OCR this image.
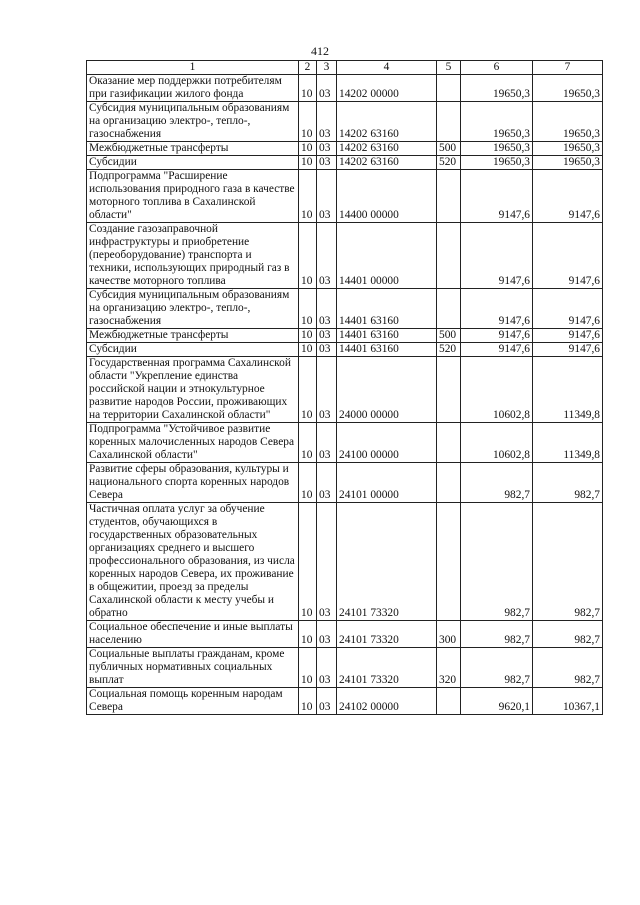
412
1	2	3	4	5	6	7
Оказание мер поддержки потребителям при газификации жилого фонда	10	03	14202 00000		19650,3	19650,3
Субсидия муниципальным образованиям на организацию электро-, тепло-, газоснабжения	10	03	14202 63160		19650,3	19650,3
Межбюджетные трансферты	10	03	14202 63160	500	19650,3	19650,3
Субсидии	10	03	14202 63160	520	19650,3	19650,3
Подпрограмма "Расширение использования природного газа в качестве моторного топлива в Сахалинской области"	10	03	14400 00000		9147,6	9147,6
Создание газозаправочной инфраструктуры и приобретение (переоборудование) транспорта и техники, использующих природный газ в качестве моторного топлива	10	03	14401 00000		9147,6	9147,6
Субсидия муниципальным образованиям на организацию электро-, тепло-, газоснабжения	10	03	14401 63160		9147,6	9147,6
Межбюджетные трансферты	10	03	14401 63160	500	9147,6	9147,6
Субсидии	10	03	14401 63160	520	9147,6	9147,6
Государственная программа Сахалинской области "Укрепление единства российской нации и этнокультурное развитие народов России, проживающих на территории Сахалинской области"	10	03	24000 00000		10602,8	11349,8
Подпрограмма "Устойчивое развитие коренных малочисленных народов Севера Сахалинской области"	10	03	24100 00000		10602,8	11349,8
Развитие сферы образования, культуры и национального спорта коренных народов Севера	10	03	24101 00000		982,7	982,7
Частичная оплата услуг за обучение студентов, обучающихся в государственных образовательных организациях среднего и высшего профессионального образования, из числа коренных народов Севера, их проживание в общежитии, проезд за пределы Сахалинской области к месту учебы и обратно	10	03	24101 73320		982,7	982,7
Социальное обеспечение и иные выплаты населению	10	03	24101 73320	300	982,7	982,7
Социальные выплаты гражданам, кроме публичных нормативных социальных выплат	10	03	24101 73320	320	982,7	982,7
Социальная помощь коренным народам Севера	10	03	24102 00000		9620,1	10367,1
